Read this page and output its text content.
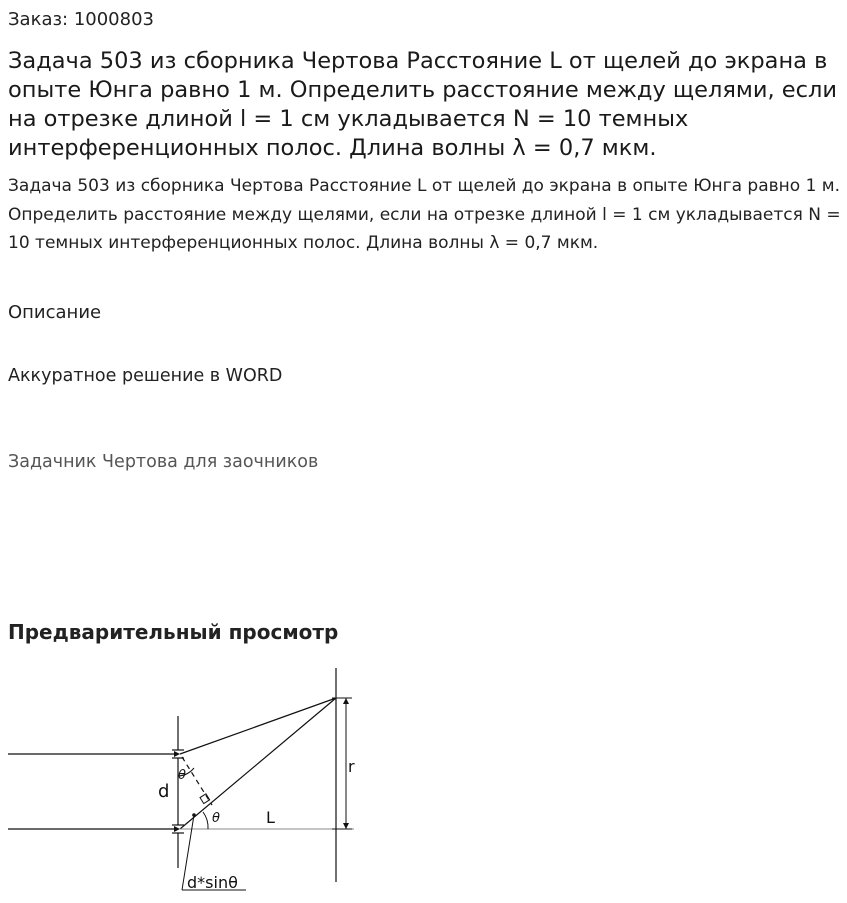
Заказ: 1000803
Задача 503 из сборника Чертова Расстояние L от щелей до экрана в опыте Юнга равно 1 м. Определить расстояние между щелями, если на отрезке длиной l = 1 см укладывается N = 10 темных интерференционных полос. Длина волны λ = 0,7 мкм.

Задача 503 из сборника Чертова Расстояние L от щелей до экрана в опыте Юнга равно 1 м. Определить расстояние между щелями, если на отрезке длиной l = 1 см укладывается N = 10 темных интерференционных полос. Длина волны λ = 0,7 мкм.

Описание
Аккуратное решение в WORD
Задачник Чертова для заочников
Предварительный просмотр
d
θ
θ	L
r
d*sinθ
